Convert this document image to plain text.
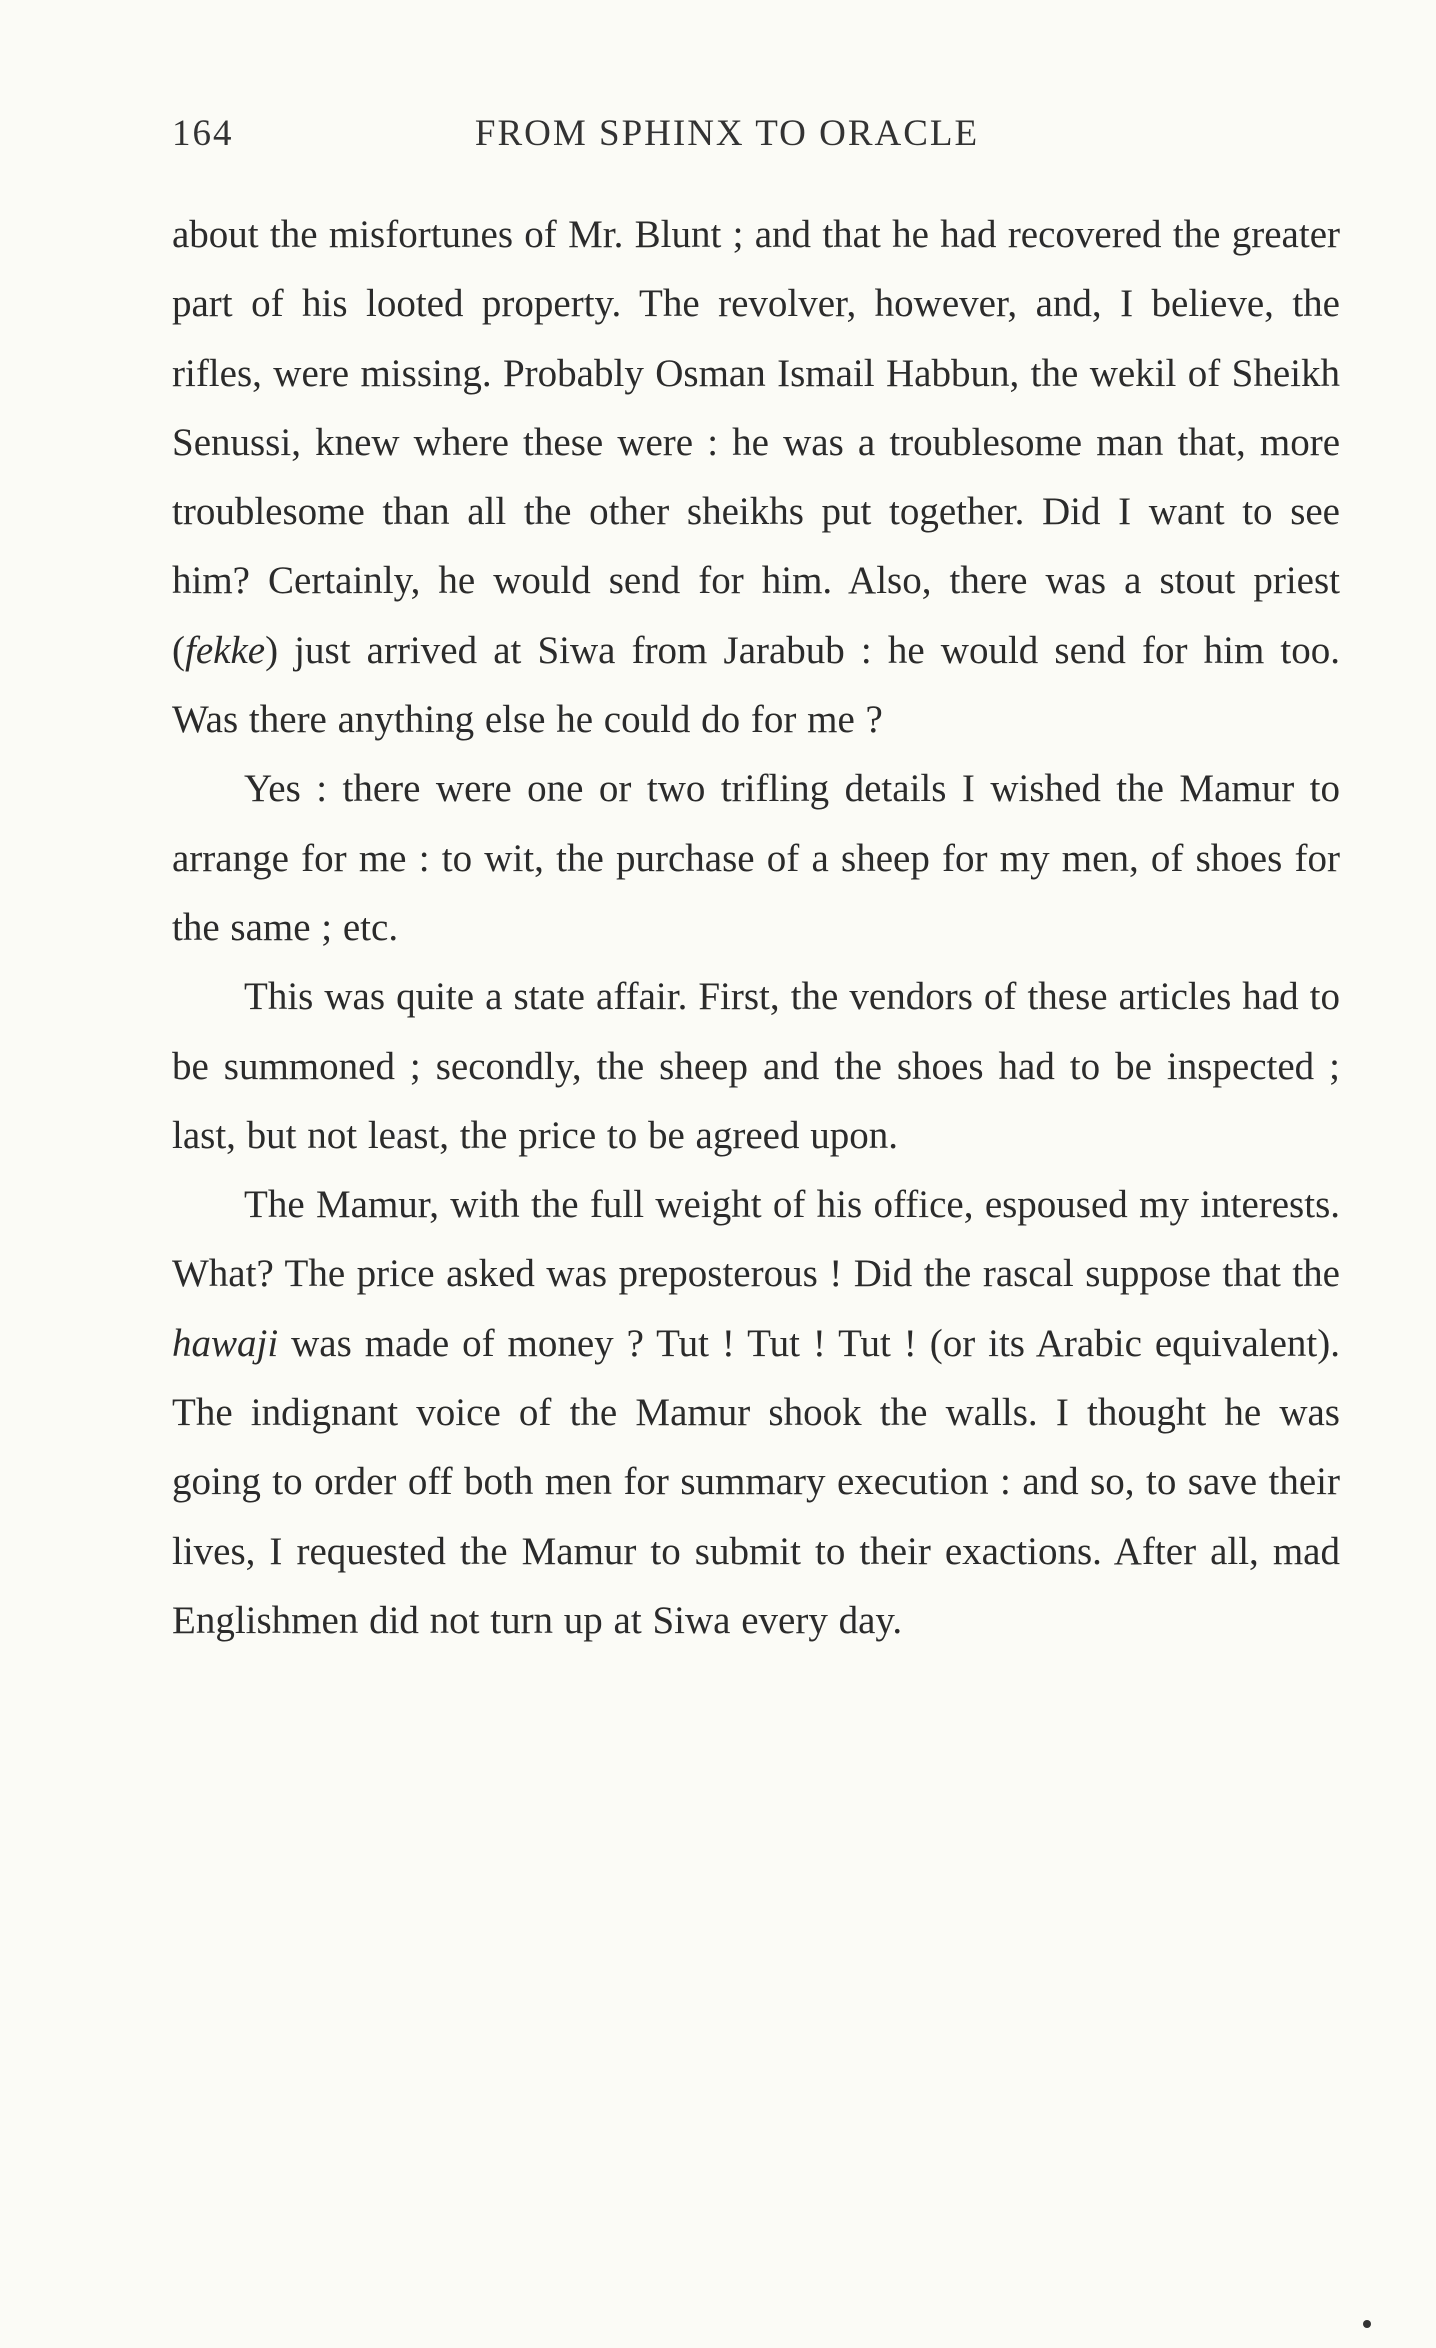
164	FROM SPHINX TO ORACLE

about the misfortunes of Mr. Blunt ; and that he had recovered the greater part of his looted property. The revolver, however, and, I believe, the rifles, were missing. Probably Osman Ismail Habbun, the wekil of Sheikh Senussi, knew where these were : he was a troublesome man that, more troublesome than all the other sheikhs put together. Did I want to see him? Certainly, he would send for him. Also, there was a stout priest (fekke) just arrived at Siwa from Jarabub : he would send for him too. Was there anything else he could do for me ?

Yes : there were one or two trifling details I wished the Mamur to arrange for me : to wit, the purchase of a sheep for my men, of shoes for the same ; etc.

This was quite a state affair. First, the vendors of these articles had to be summoned ; secondly, the sheep and the shoes had to be inspected ; last, but not least, the price to be agreed upon.

The Mamur, with the full weight of his office, espoused my interests. What? The price asked was preposterous ! Did the rascal suppose that the hawaji was made of money ? Tut ! Tut ! Tut ! (or its Arabic equivalent). The indignant voice of the Mamur shook the walls. I thought he was going to order off both men for summary execution : and so, to save their lives, I requested the Mamur to submit to their exactions. After all, mad Englishmen did not turn up at Siwa every day.
